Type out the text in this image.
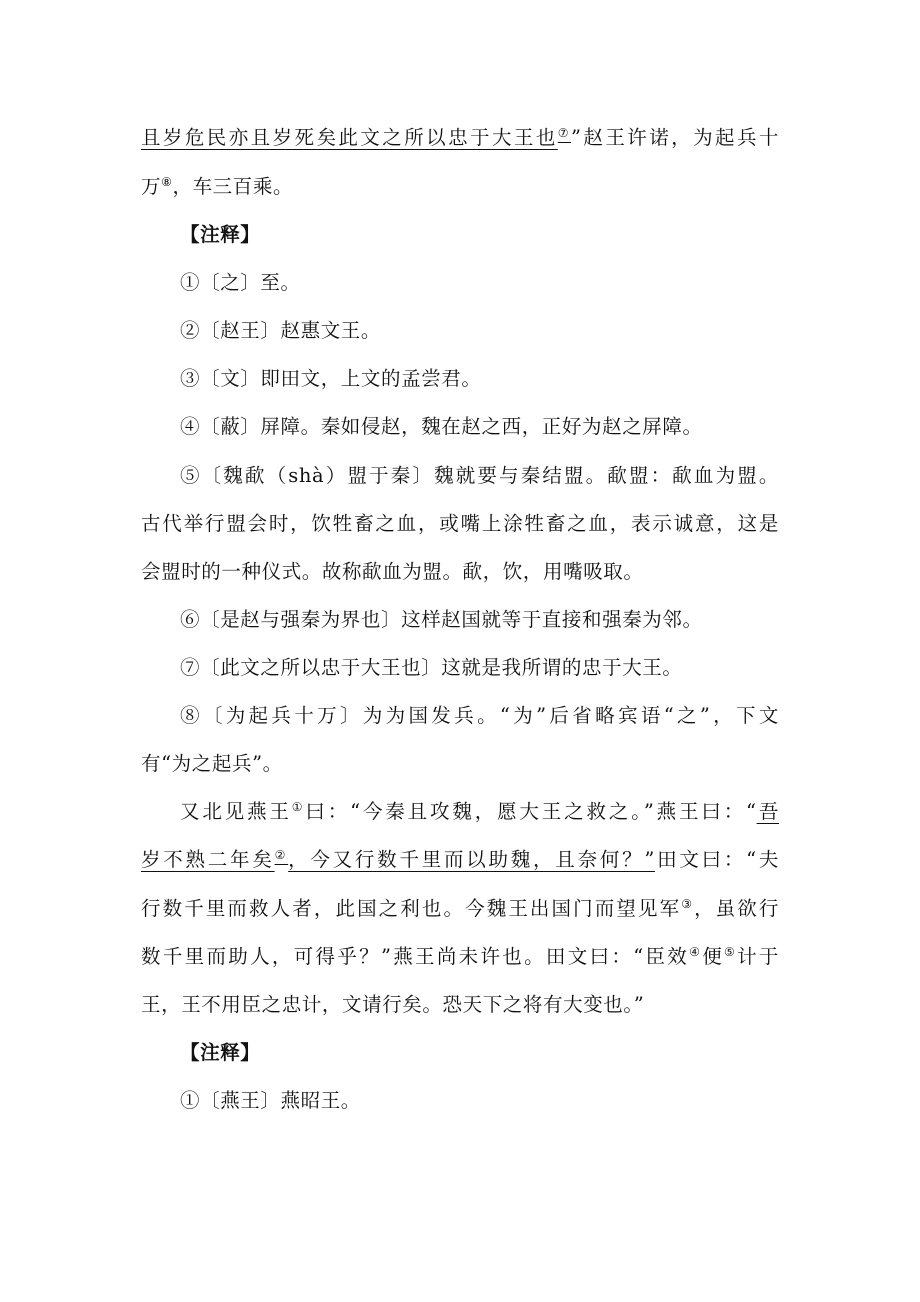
且岁危民亦且岁死矣此文之所以忠于大王也⑦”赵王许诺，为起兵十
万⑧，车三百乘。
【注释】
①〔之〕至。
②〔赵王〕赵惠文王。
③〔文〕即田文，上文的孟尝君。
④〔蔽〕屏障。秦如侵赵，魏在赵之西，正好为赵之屏障。
⑤〔魏歃（shà）盟于秦〕魏就要与秦结盟。歃盟：歃血为盟。
古代举行盟会时，饮牲畜之血，或嘴上涂牲畜之血，表示诚意，这是
会盟时的一种仪式。故称歃血为盟。歃，饮，用嘴吸取。
⑥〔是赵与强秦为界也〕这样赵国就等于直接和强秦为邻。
⑦〔此文之所以忠于大王也〕这就是我所谓的忠于大王。
⑧〔为起兵十万〕为为国发兵。“为”后省略宾语“之”，下文
有“为之起兵”。
又北见燕王①曰：“今秦且攻魏，愿大王之救之。”燕王曰：“吾
岁不熟二年矣②，今又行数千里而以助魏，且奈何？”田文曰：“夫
行数千里而救人者，此国之利也。今魏王出国门而望见军③，虽欲行
数千里而助人，可得乎？”燕王尚未许也。田文曰：“臣效④便⑤计于
王，王不用臣之忠计，文请行矣。恐天下之将有大变也。”
【注释】
①〔燕王〕燕昭王。
